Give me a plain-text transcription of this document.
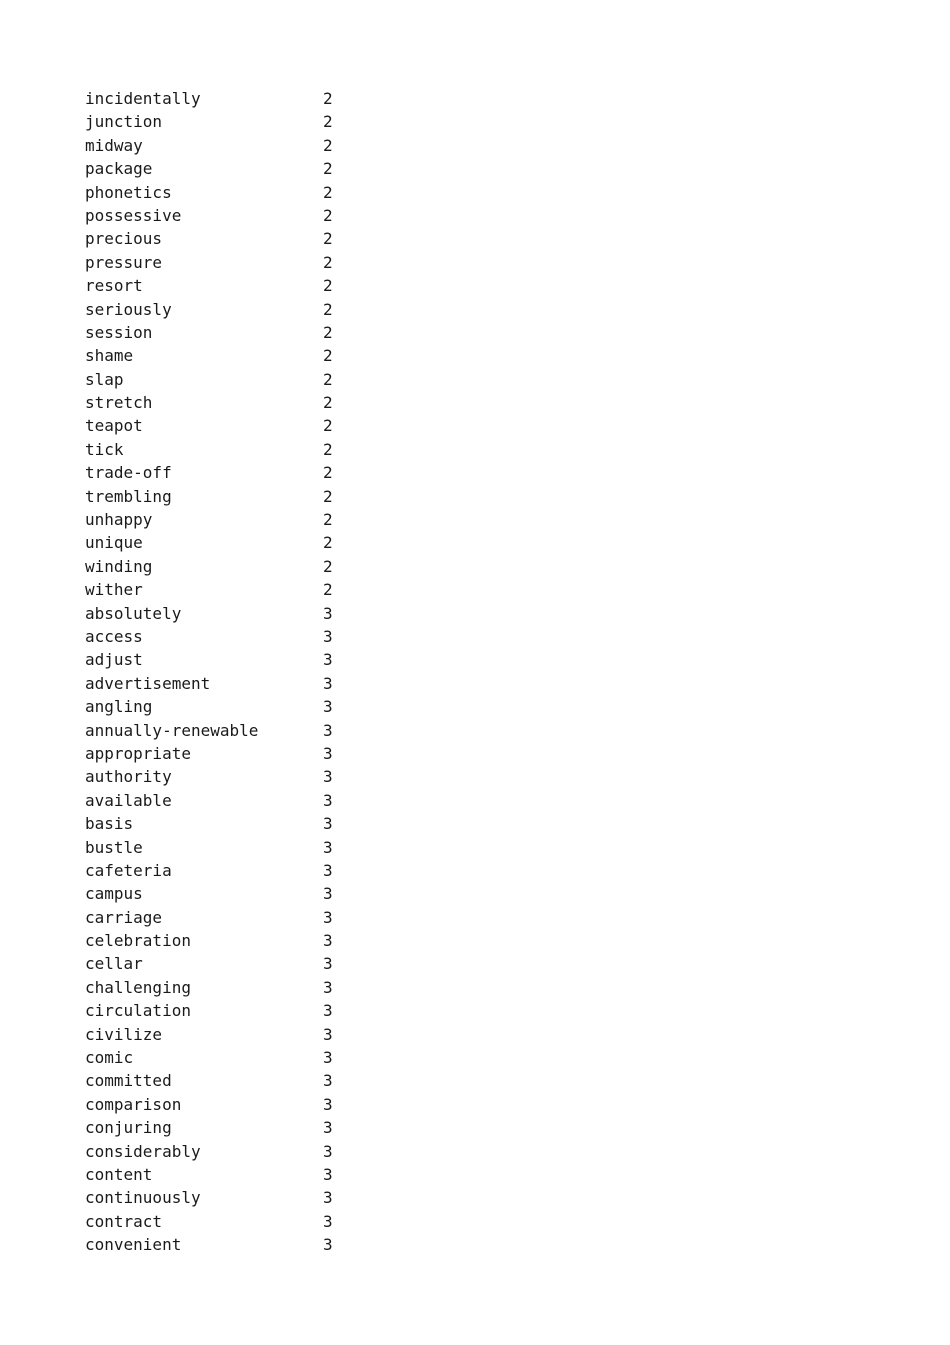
incidentally	2
junction	2
midway	2
package	2
phonetics	2
possessive	2
precious	2
pressure	2
resort	2
seriously	2
session	2
shame	2
slap	2
stretch	2
teapot	2
tick	2
trade-off	2
trembling	2
unhappy	2
unique	2
winding	2
wither	2
absolutely	3
access	3
adjust	3
advertisement	3
angling	3
annually-renewable	3
appropriate	3
authority	3
available	3
basis	3
bustle	3
cafeteria	3
campus	3
carriage	3
celebration	3
cellar	3
challenging	3
circulation	3
civilize	3
comic	3
committed	3
comparison	3
conjuring	3
considerably	3
content	3
continuously	3
contract	3
convenient	3
